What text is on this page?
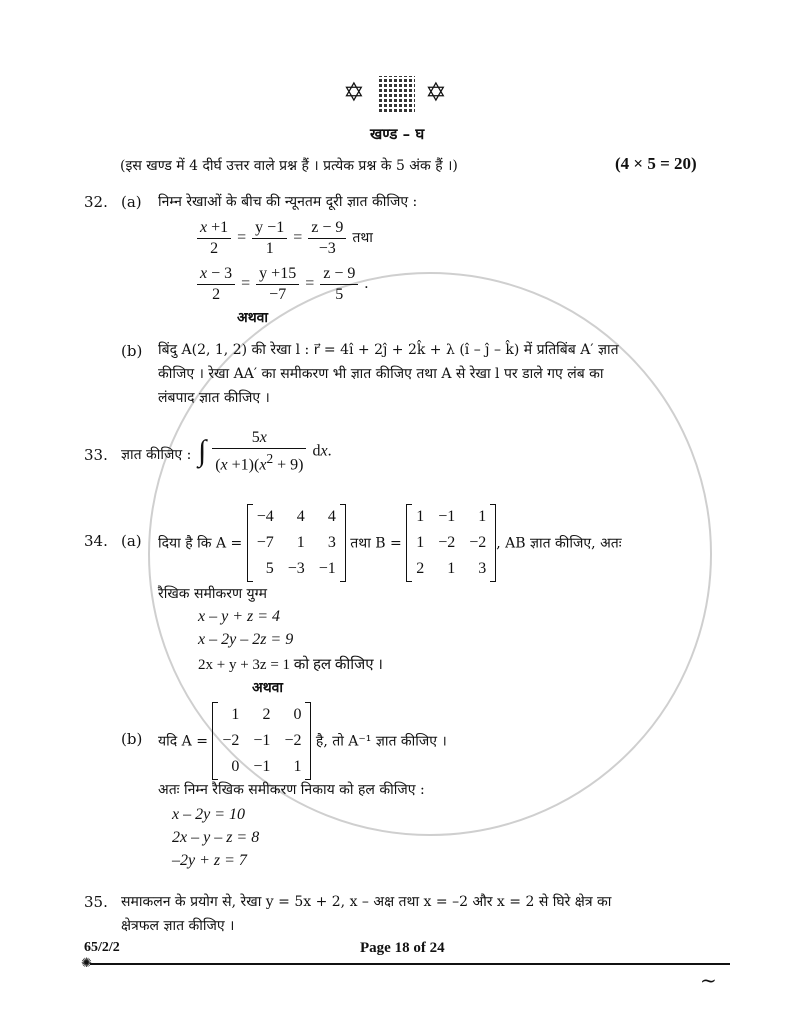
✡ ✡
खण्ड – घ
(इस खण्ड में 4 दीर्घ उत्तर वाले प्रश्न हैं । प्रत्येक प्रश्न के 5 अंक हैं ।)	(4 × 5 = 20)
32. (a) निम्न रेखाओं के बीच की न्यूनतम दूरी ज्ञात कीजिए :
$\frac{x +1}{2} = \frac{y -1}{1} = \frac{z - 9}{-3}$ तथा
$\frac{x - 3}{2} = \frac{y +15}{-7} = \frac{z - 9}{5}$ .
अथवा
(b) बिंदु A(2, 1, 2) की रेखा l : r⃗ = 4î + 2ĵ + 2k̂ + λ (î – ĵ – k̂) में प्रतिबिंब A′ ज्ञात
कीजिए । रेखा AA′ का समीकरण भी ज्ञात कीजिए तथा A से रेखा l पर डाले गए लंब का
लंबपाद ज्ञात कीजिए ।
33. ज्ञात कीजिए : ∫ $\frac{5x}{(x +1)(x^2 + 9)}$ dx.
34. (a) दिया है कि A = −4	4	4
−7	1	3
5	−3	−1 तथा B = 1	−1	1
1	−2	−2
2	1	3, AB ज्ञात कीजिए, अतः
रैखिक समीकरण युग्म
x – y + z = 4
x – 2y – 2z = 9
2x + y + 3z = 1 को हल कीजिए ।
अथवा
(b) यदि A = 1	2	0
−2	−1	−2
0	−1	1 है, तो A⁻¹ ज्ञात कीजिए ।
अतः निम्न रैखिक समीकरण निकाय को हल कीजिए :
x – 2y = 10
2x – y – z = 8
–2y + z = 7
35. समाकलन के प्रयोग से, रेखा y = 5x + 2, x – अक्ष तथा x = –2 और x = 2 से घिरे क्षेत्र का
क्षेत्रफल ज्ञात कीजिए ।
65/2/2	Page 18 of 24
✺
~
